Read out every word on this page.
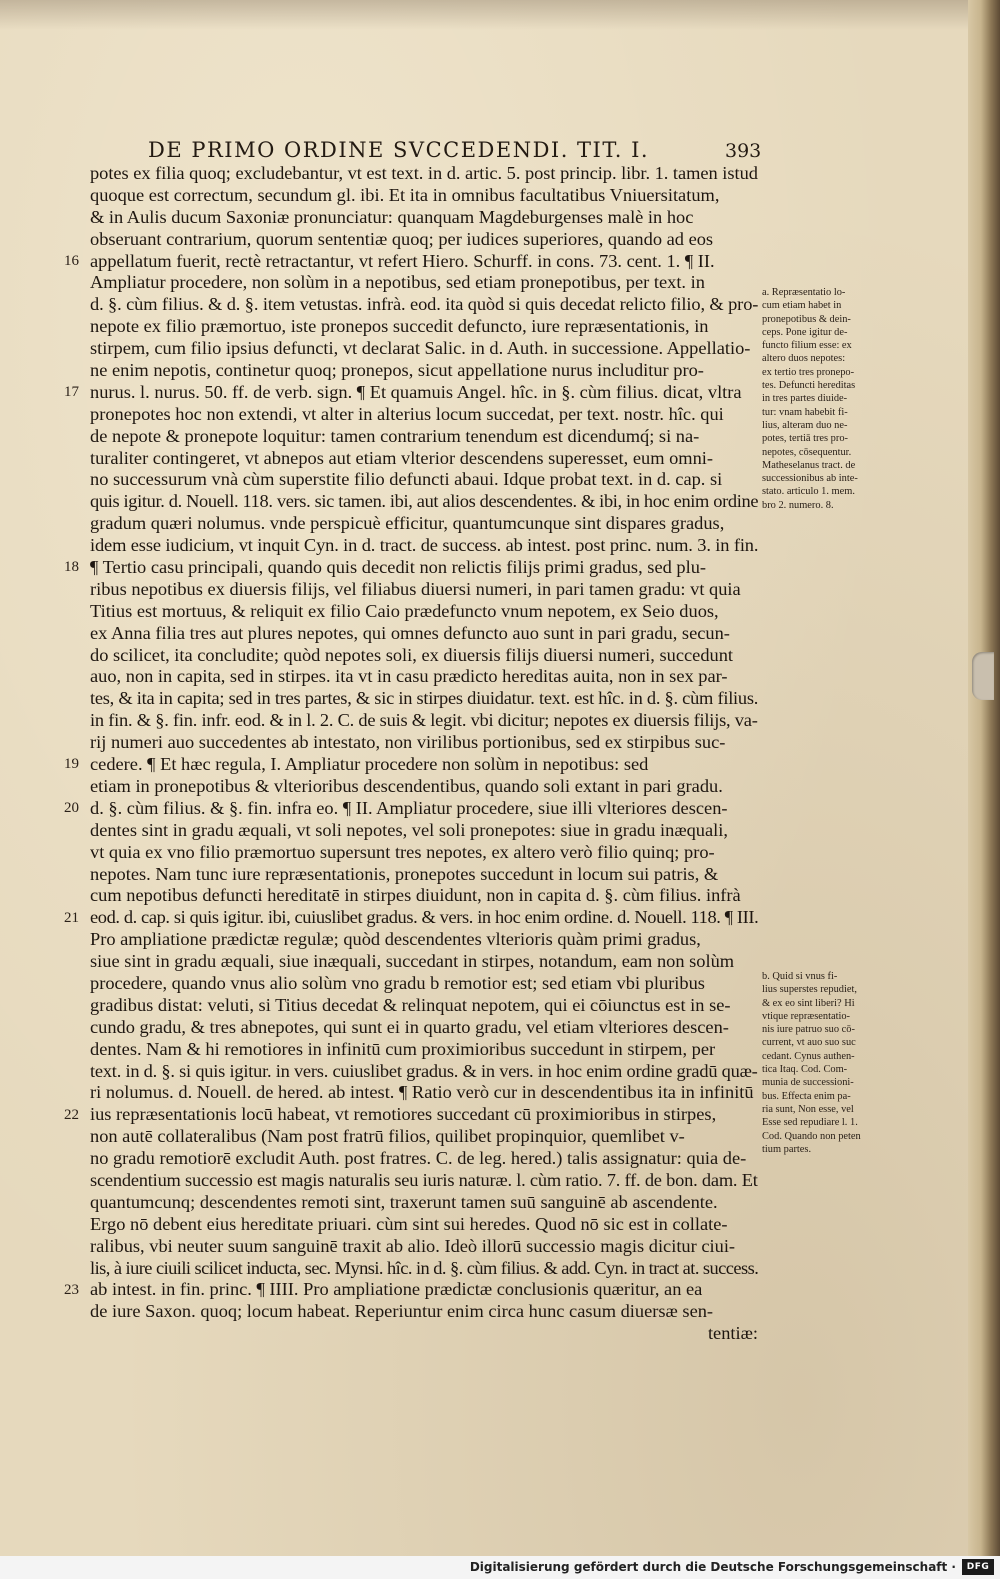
DE PRIMO ORDINE SVCCEDENDI. TIT. I.	393
16
17
18
19
20
21
22
23
potes ex filia quoq; excludebantur, vt est text. in d. artic. 5. post princip. libr. 1. tamen istud
quoque est correctum, secundum gl. ibi. Et ita in omnibus facultatibus Vniuersitatum,
& in Aulis ducum Saxoniæ pronunciatur: quanquam Magdeburgenses malè in hoc
obseruant contrarium, quorum sententiæ quoq; per iudices superiores, quando ad eos
appellatum fuerit, rectè retractantur, vt refert Hiero. Schurff. in cons. 73. cent. 1. ¶ II.
Ampliatur procedere, non solùm in a nepotibus, sed etiam pronepotibus, per text. in
d. §. cùm filius. & d. §. item vetustas. infrà. eod. ita quòd si quis decedat relicto filio, & pro-
nepote ex filio præmortuo, iste pronepos succedit defuncto, iure repræsentationis, in
stirpem, cum filio ipsius defuncti, vt declarat Salic. in d. Auth. in successione. Appellatio-
ne enim nepotis, continetur quoq; pronepos, sicut appellatione nurus includitur pro-
nurus. l. nurus. 50. ff. de verb. sign. ¶ Et quamuis Angel. hîc. in §. cùm filius. dicat, vltra
pronepotes hoc non extendi, vt alter in alterius locum succedat, per text. nostr. hîc. qui
de nepote & pronepote loquitur: tamen contrarium tenendum est dicendumq́; si na-
turaliter contingeret, vt abnepos aut etiam vlterior descendens superesset, eum omni-
no successurum vnà cùm superstite filio defuncti abaui. Idque probat text. in d. cap. si
quis igitur. d. Nouell. 118. vers. sic tamen. ibi, aut alios descendentes. & ibi, in hoc enim ordine
gradum quæri nolumus. vnde perspicuè efficitur, quantumcunque sint dispares gradus,
idem esse iudicium, vt inquit Cyn. in d. tract. de success. ab intest. post princ. num. 3. in fin.
¶ Tertio casu principali, quando quis decedit non relictis filijs primi gradus, sed plu-
ribus nepotibus ex diuersis filijs, vel filiabus diuersi numeri, in pari tamen gradu: vt quia
Titius est mortuus, & reliquit ex filio Caio prædefuncto vnum nepotem, ex Seio duos,
ex Anna filia tres aut plures nepotes, qui omnes defuncto auo sunt in pari gradu, secun-
do scilicet, ita concludite; quòd nepotes soli, ex diuersis filijs diuersi numeri, succedunt
auo, non in capita, sed in stirpes. ita vt in casu prædicto hereditas auita, non in sex par-
tes, & ita in capita; sed in tres partes, & sic in stirpes diuidatur. text. est hîc. in d. §. cùm filius.
in fin. & §. fin. infr. eod. & in l. 2. C. de suis & legit. vbi dicitur; nepotes ex diuersis filijs, va-
rij numeri auo succedentes ab intestato, non virilibus portionibus, sed ex stirpibus suc-
cedere. ¶ Et hæc regula, I. Ampliatur procedere non solùm in nepotibus: sed
etiam in pronepotibus & vlterioribus descendentibus, quando soli extant in pari gradu.
d. §. cùm filius. & §. fin. infra eo. ¶ II. Ampliatur procedere, siue illi vlteriores descen-
dentes sint in gradu æquali, vt soli nepotes, vel soli pronepotes: siue in gradu inæquali,
vt quia ex vno filio præmortuo supersunt tres nepotes, ex altero verò filio quinq; pro-
nepotes. Nam tunc iure repræsentationis, pronepotes succedunt in locum sui patris, &
cum nepotibus defuncti hereditatē in stirpes diuidunt, non in capita d. §. cùm filius. infrà
eod. d. cap. si quis igitur. ibi, cuiuslibet gradus. & vers. in hoc enim ordine. d. Nouell. 118. ¶ III.
Pro ampliatione prædictæ regulæ; quòd descendentes vlterioris quàm primi gradus,
siue sint in gradu æquali, siue inæquali, succedant in stirpes, notandum, eam non solùm
procedere, quando vnus alio solùm vno gradu b remotior est; sed etiam vbi pluribus
gradibus distat: veluti, si Titius decedat & relinquat nepotem, qui ei cōiunctus est in se-
cundo gradu, & tres abnepotes, qui sunt ei in quarto gradu, vel etiam vlteriores descen-
dentes. Nam & hi remotiores in infinitū cum proximioribus succedunt in stirpem, per
text. in d. §. si quis igitur. in vers. cuiuslibet gradus. & in vers. in hoc enim ordine gradū quæ-
ri nolumus. d. Nouell. de hered. ab intest. ¶ Ratio verò cur in descendentibus ita in infinitū
ius repræsentationis locū habeat, vt remotiores succedant cū proximioribus in stirpes,
non autē collateralibus (Nam post fratrū filios, quilibet propinquior, quemlibet v-
no gradu remotiorē excludit Auth. post fratres. C. de leg. hered.) talis assignatur: quia de-
scendentium successio est magis naturalis seu iuris naturæ. l. cùm ratio. 7. ff. de bon. dam. Et
quantumcunq; descendentes remoti sint, traxerunt tamen suū sanguinē ab ascendente.
Ergo nō debent eius hereditate priuari. cùm sint sui heredes. Quod nō sic est in collate-
ralibus, vbi neuter suum sanguinē traxit ab alio. Ideò illorū successio magis dicitur ciui-
lis, à iure ciuili scilicet inducta, sec. Mynsi. hîc. in d. §. cùm filius. & add. Cyn. in tract at. success.
ab intest. in fin. princ. ¶ IIII. Pro ampliatione prædictæ conclusionis quæritur, an ea
de iure Saxon. quoq; locum habeat. Reperiuntur enim circa hunc casum diuersæ sen-
tentiæ:
a. Repræsentatio lo-
cum etiam habet in
pronepotibus & dein-
ceps. Pone igitur de-
functo filium esse: ex
altero duos nepotes:
ex tertio tres pronepo-
tes. Defuncti hereditas
in tres partes diuide-
tur: vnam habebit fi-
lius, alteram duo ne-
potes, tertiā tres pro-
nepotes, cōsequentur.
Matheselanus tract. de
successionibus ab inte-
stato. articulo 1. mem.
bro 2. numero. 8.
b. Quid si vnus fi-
lius superstes repudiet,
& ex eo sint liberi? Hi
vtique repræsentatio-
nis iure patruo suo cō-
current, vt auo suo suc
cedant. Cynus authen-
tica Itaq. Cod. Com-
munia de successioni-
bus. Effecta enim pa-
ria sunt, Non esse, vel
Esse sed repudiare l. 1.
Cod. Quando non peten
tium partes.
Digitalisierung gefördert durch die Deutsche Forschungsgemeinschaft ·	DFG
